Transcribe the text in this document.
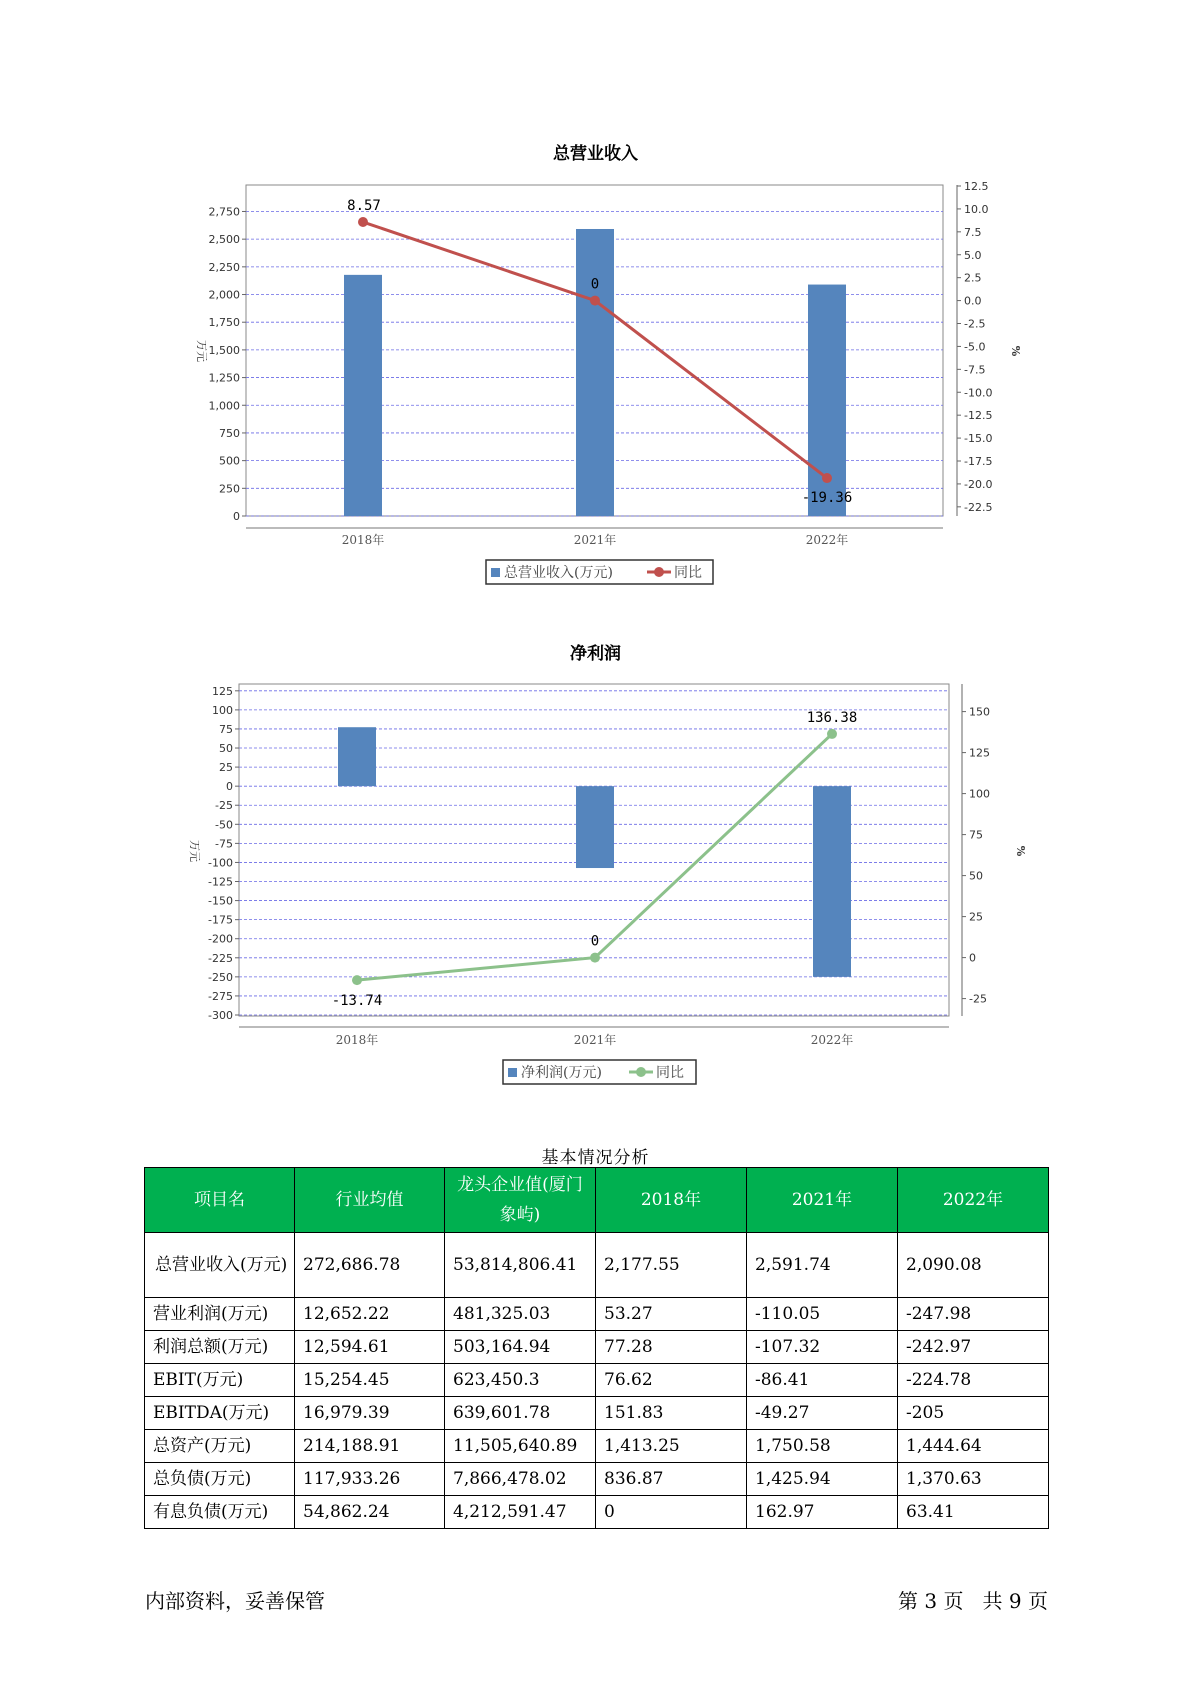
总营业收入
0
250
500
750
1,000
1,250
1,500
1,750
2,000
2,250
2,500
2,750
12.5
10.0
7.5
5.0
2.5
0.0
-2.5
-5.0
-7.5
-10.0
-12.5
-15.0
-17.5
-20.0
-22.5
万元	%
2018年	2021年	2022年
8.57
0
-19.36
总营业收入(万元)	同比
净利润
125
100
75
50
25
0
-25
-50
-75
-100
-125
-150
-175
-200
-225
-250
-275
-300
150
125
100
75
50
25
0
-25
万元	%
2018年	2021年	2022年
-13.74
0
136.38
净利润(万元)	同比
基本情况分析
项目名	行业均值	龙头企业值(厦门象屿)	2018年	2021年	2022年
总营业收入(万元)	272,686.78	53,814,806.41	2,177.55	2,591.74	2,090.08
营业利润(万元)	12,652.22	481,325.03	53.27	-110.05	-247.98
利润总额(万元)	12,594.61	503,164.94	77.28	-107.32	-242.97
EBIT(万元)	15,254.45	623,450.3	76.62	-86.41	-224.78
EBITDA(万元)	16,979.39	639,601.78	151.83	-49.27	-205
总资产(万元)	214,188.91	11,505,640.89	1,413.25	1,750.58	1,444.64
总负债(万元)	117,933.26	7,866,478.02	836.87	1,425.94	1,370.63
有息负债(万元)	54,862.24	4,212,591.47	0	162.97	63.41
内部资料，妥善保管	第 3 页   共 9 页
